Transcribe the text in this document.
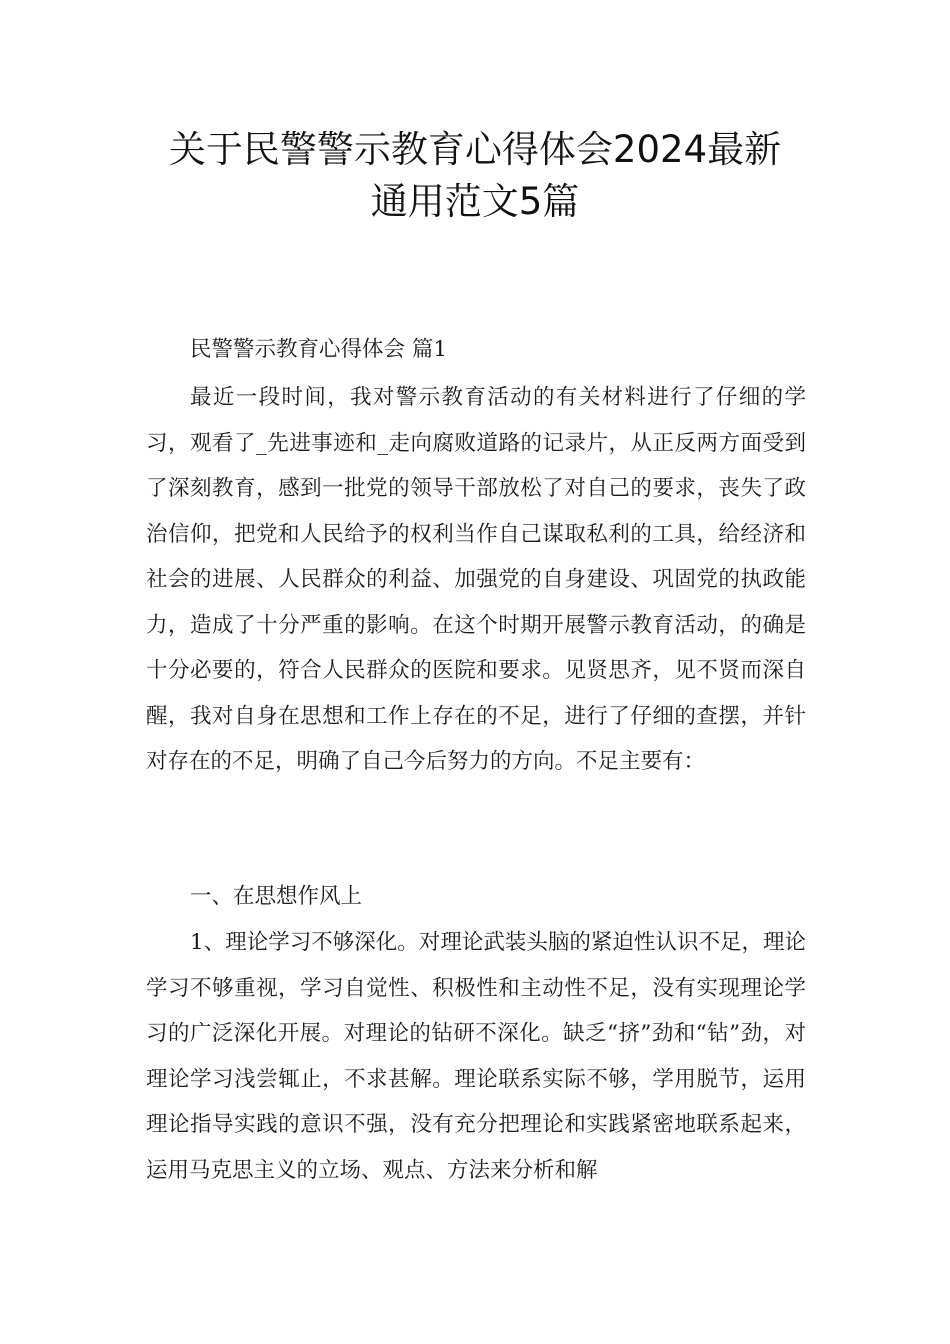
关于民警警示教育心得体会2024最新
通用范文5篇

民警警示教育心得体会 篇1

最近一段时间，我对警示教育活动的有关材料进行了仔细的学习，观看了_先进事迹和_走向腐败道路的记录片，从正反两方面受到了深刻教育，感到一批党的领导干部放松了对自己的要求，丧失了政治信仰，把党和人民给予的权利当作自己谋取私利的工具，给经济和社会的进展、人民群众的利益、加强党的自身建设、巩固党的执政能力，造成了十分严重的影响。在这个时期开展警示教育活动，的确是十分必要的，符合人民群众的医院和要求。见贤思齐，见不贤而深自醒，我对自身在思想和工作上存在的不足，进行了仔细的查摆，并针对存在的不足，明确了自己今后努力的方向。不足主要有：

一、在思想作风上

1、理论学习不够深化。对理论武装头脑的紧迫性认识不足，理论学习不够重视，学习自觉性、积极性和主动性不足，没有实现理论学习的广泛深化开展。对理论的钻研不深化。缺乏“挤”劲和“钻”劲，对理论学习浅尝辄止，不求甚解。理论联系实际不够，学用脱节，运用理论指导实践的意识不强，没有充分把理论和实践紧密地联系起来，运用马克思主义的立场、观点、方法来分析和解
